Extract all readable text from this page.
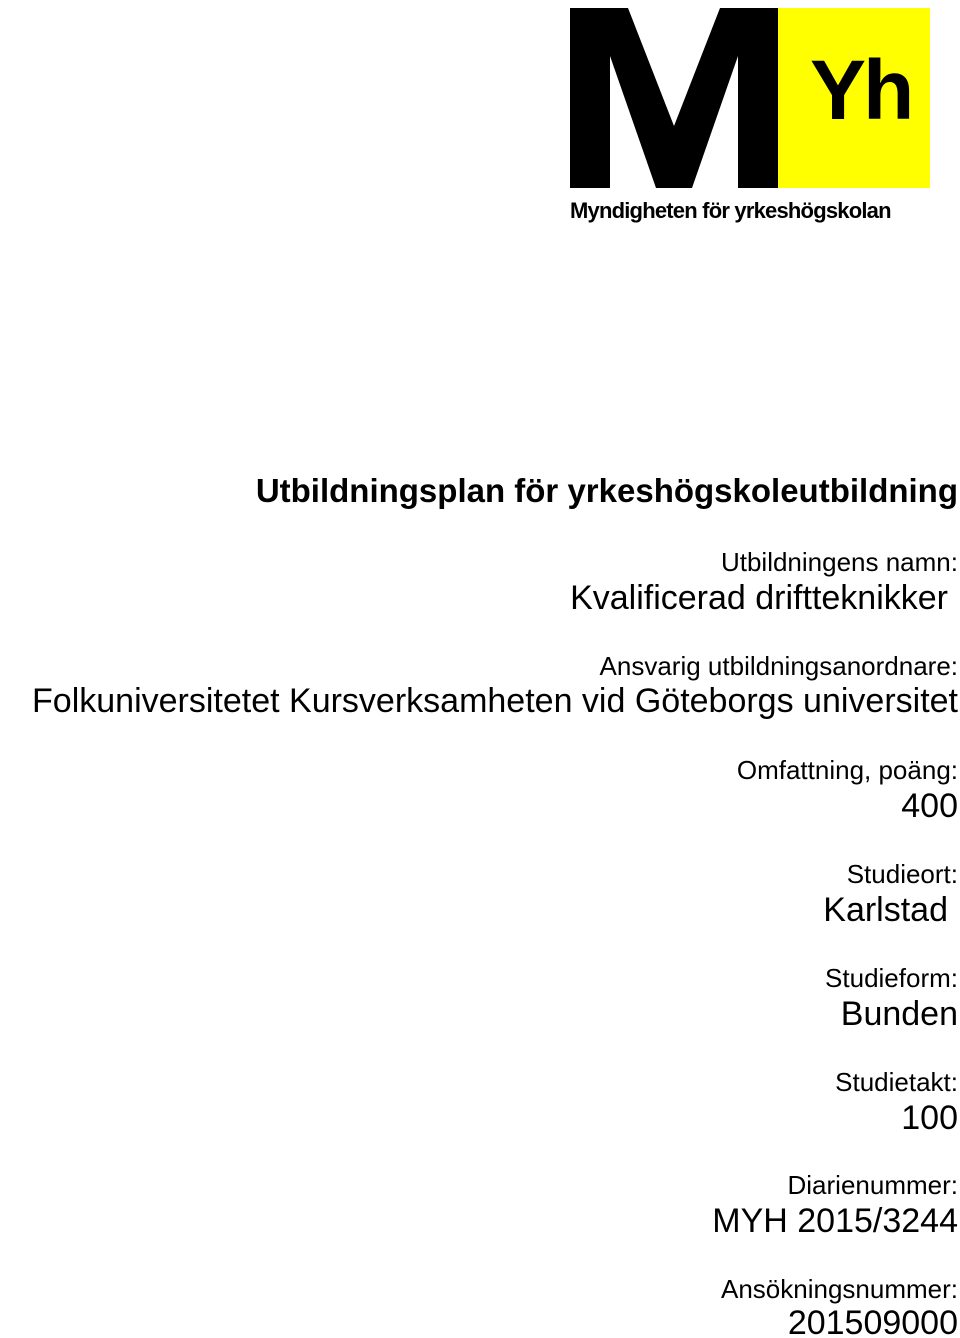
Yh
Myndigheten för yrkeshögskolan
Utbildningsplan för yrkeshögskoleutbildning
Utbildningens namn:
Kvalificerad driftteknikker
Ansvarig utbildningsanordnare:
Folkuniversitetet Kursverksamheten vid Göteborgs universitet
Omfattning, poäng:
400
Studieort:
Karlstad
Studieform:
Bunden
Studietakt:
100
Diarienummer:
MYH 2015/3244
Ansökningsnummer:
201509000
